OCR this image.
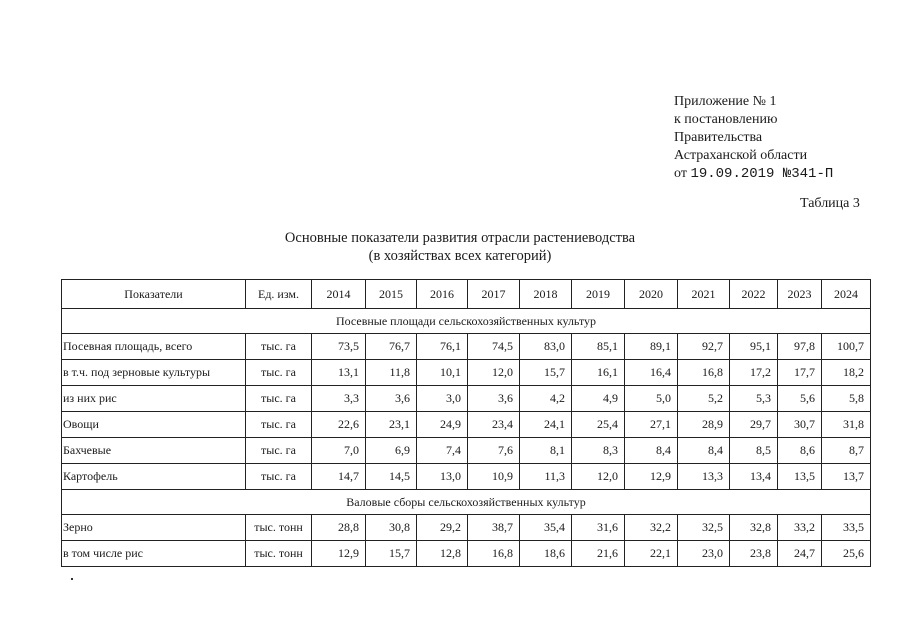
Приложение № 1
к постановлению
Правительства
Астраханской области
от 19.09.2019 №341-П
Таблица 3
Основные показатели развития отрасли растениеводства
(в хозяйствах всех категорий)
Показатели	Ед. изм.	2014	2015	2016	2017	2018	2019	2020	2021	2022	2023	2024
Посевные площади сельскохозяйственных культур												
Посевная площадь, всего	тыс. га	73,5	76,7	76,1	74,5	83,0	85,1	89,1	92,7	95,1	97,8	100,7
в т.ч. под зерновые культуры	тыс. га	13,1	11,8	10,1	12,0	15,7	16,1	16,4	16,8	17,2	17,7	18,2
из них рис	тыс. га	3,3	3,6	3,0	3,6	4,2	4,9	5,0	5,2	5,3	5,6	5,8
Овощи	тыс. га	22,6	23,1	24,9	23,4	24,1	25,4	27,1	28,9	29,7	30,7	31,8
Бахчевые	тыс. га	7,0	6,9	7,4	7,6	8,1	8,3	8,4	8,4	8,5	8,6	8,7
Картофель	тыс. га	14,7	14,5	13,0	10,9	11,3	12,0	12,9	13,3	13,4	13,5	13,7
Валовые сборы сельскохозяйственных культур												
Зерно	тыс. тонн	28,8	30,8	29,2	38,7	35,4	31,6	32,2	32,5	32,8	33,2	33,5
в том числе рис	тыс. тонн	12,9	15,7	12,8	16,8	18,6	21,6	22,1	23,0	23,8	24,7	25,6
